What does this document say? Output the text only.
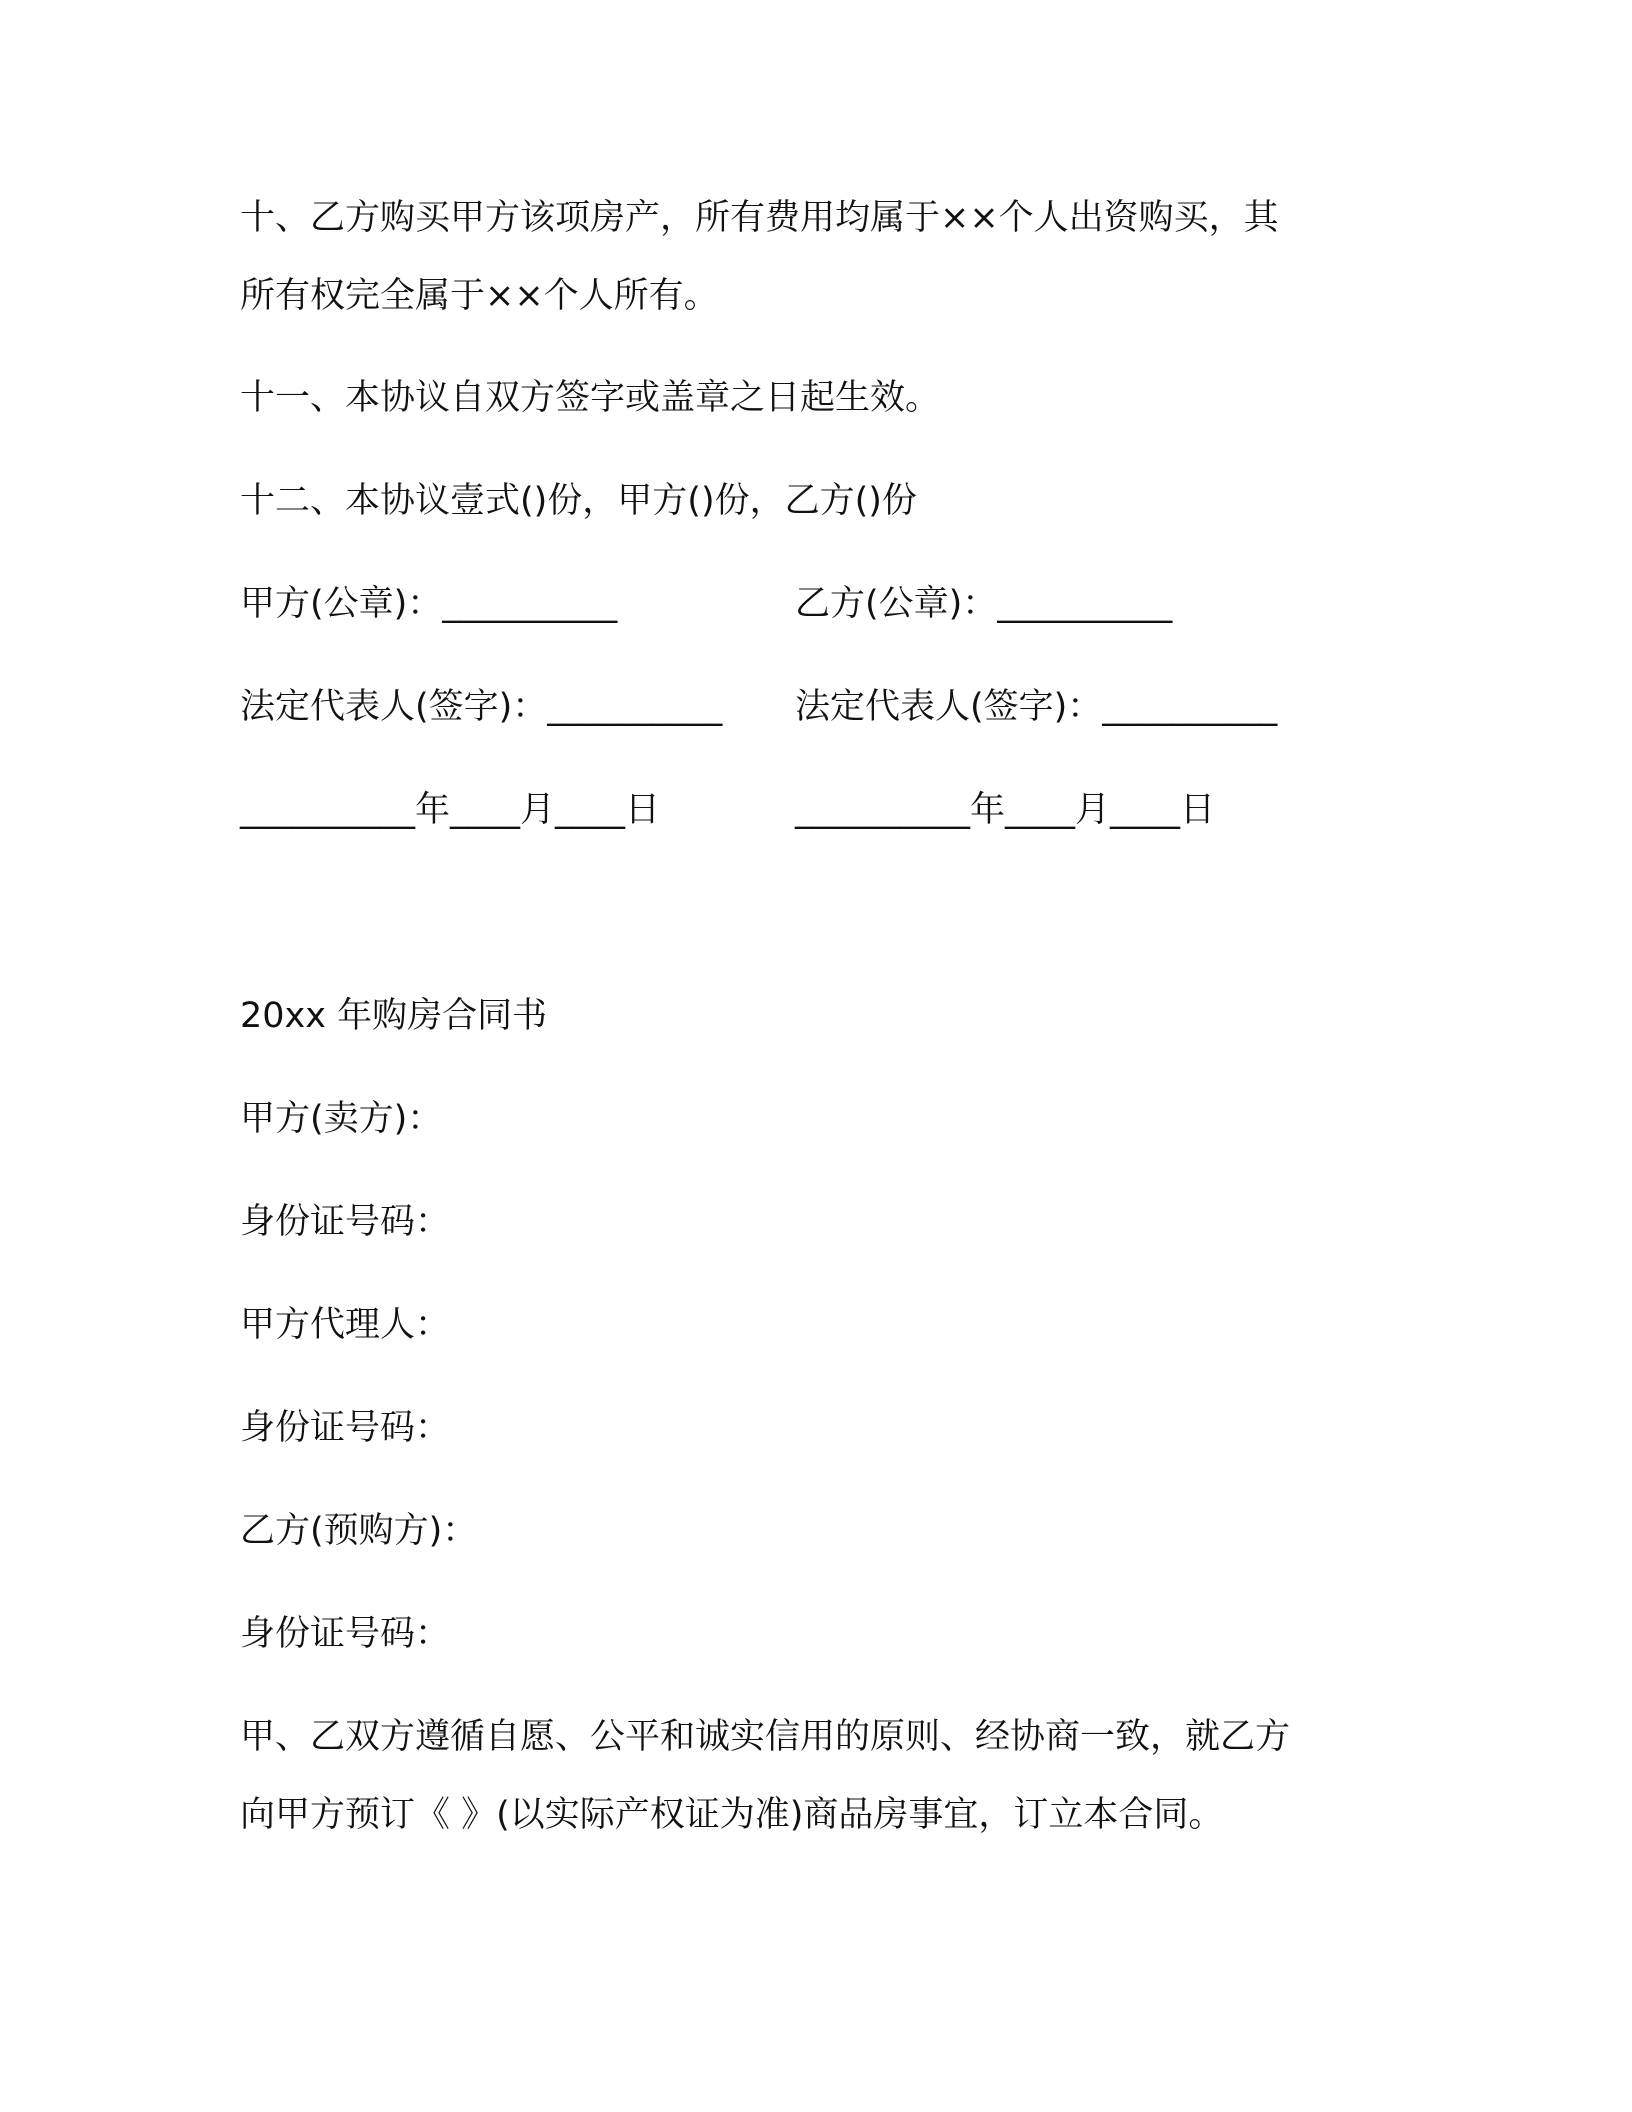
十、乙方购买甲方该项房产，所有费用均属于××个人出资购买，其

所有权完全属于××个人所有。

十一、本协议自双方签字或盖章之日起生效。

十二、本协议壹式()份，甲方()份，乙方()份

甲方(公章)：__________	乙方(公章)：__________
法定代表人(签字)：__________ 法定代表人(签字)：__________
__________年____月____日	__________年____月____日

20xx 年购房合同书

甲方(卖方)：

身份证号码：

甲方代理人：

身份证号码：

乙方(预购方)：

身份证号码：

甲、乙双方遵循自愿、公平和诚实信用的原则、经协商一致，就乙方

向甲方预订《 》(以实际产权证为准)商品房事宜，订立本合同。
